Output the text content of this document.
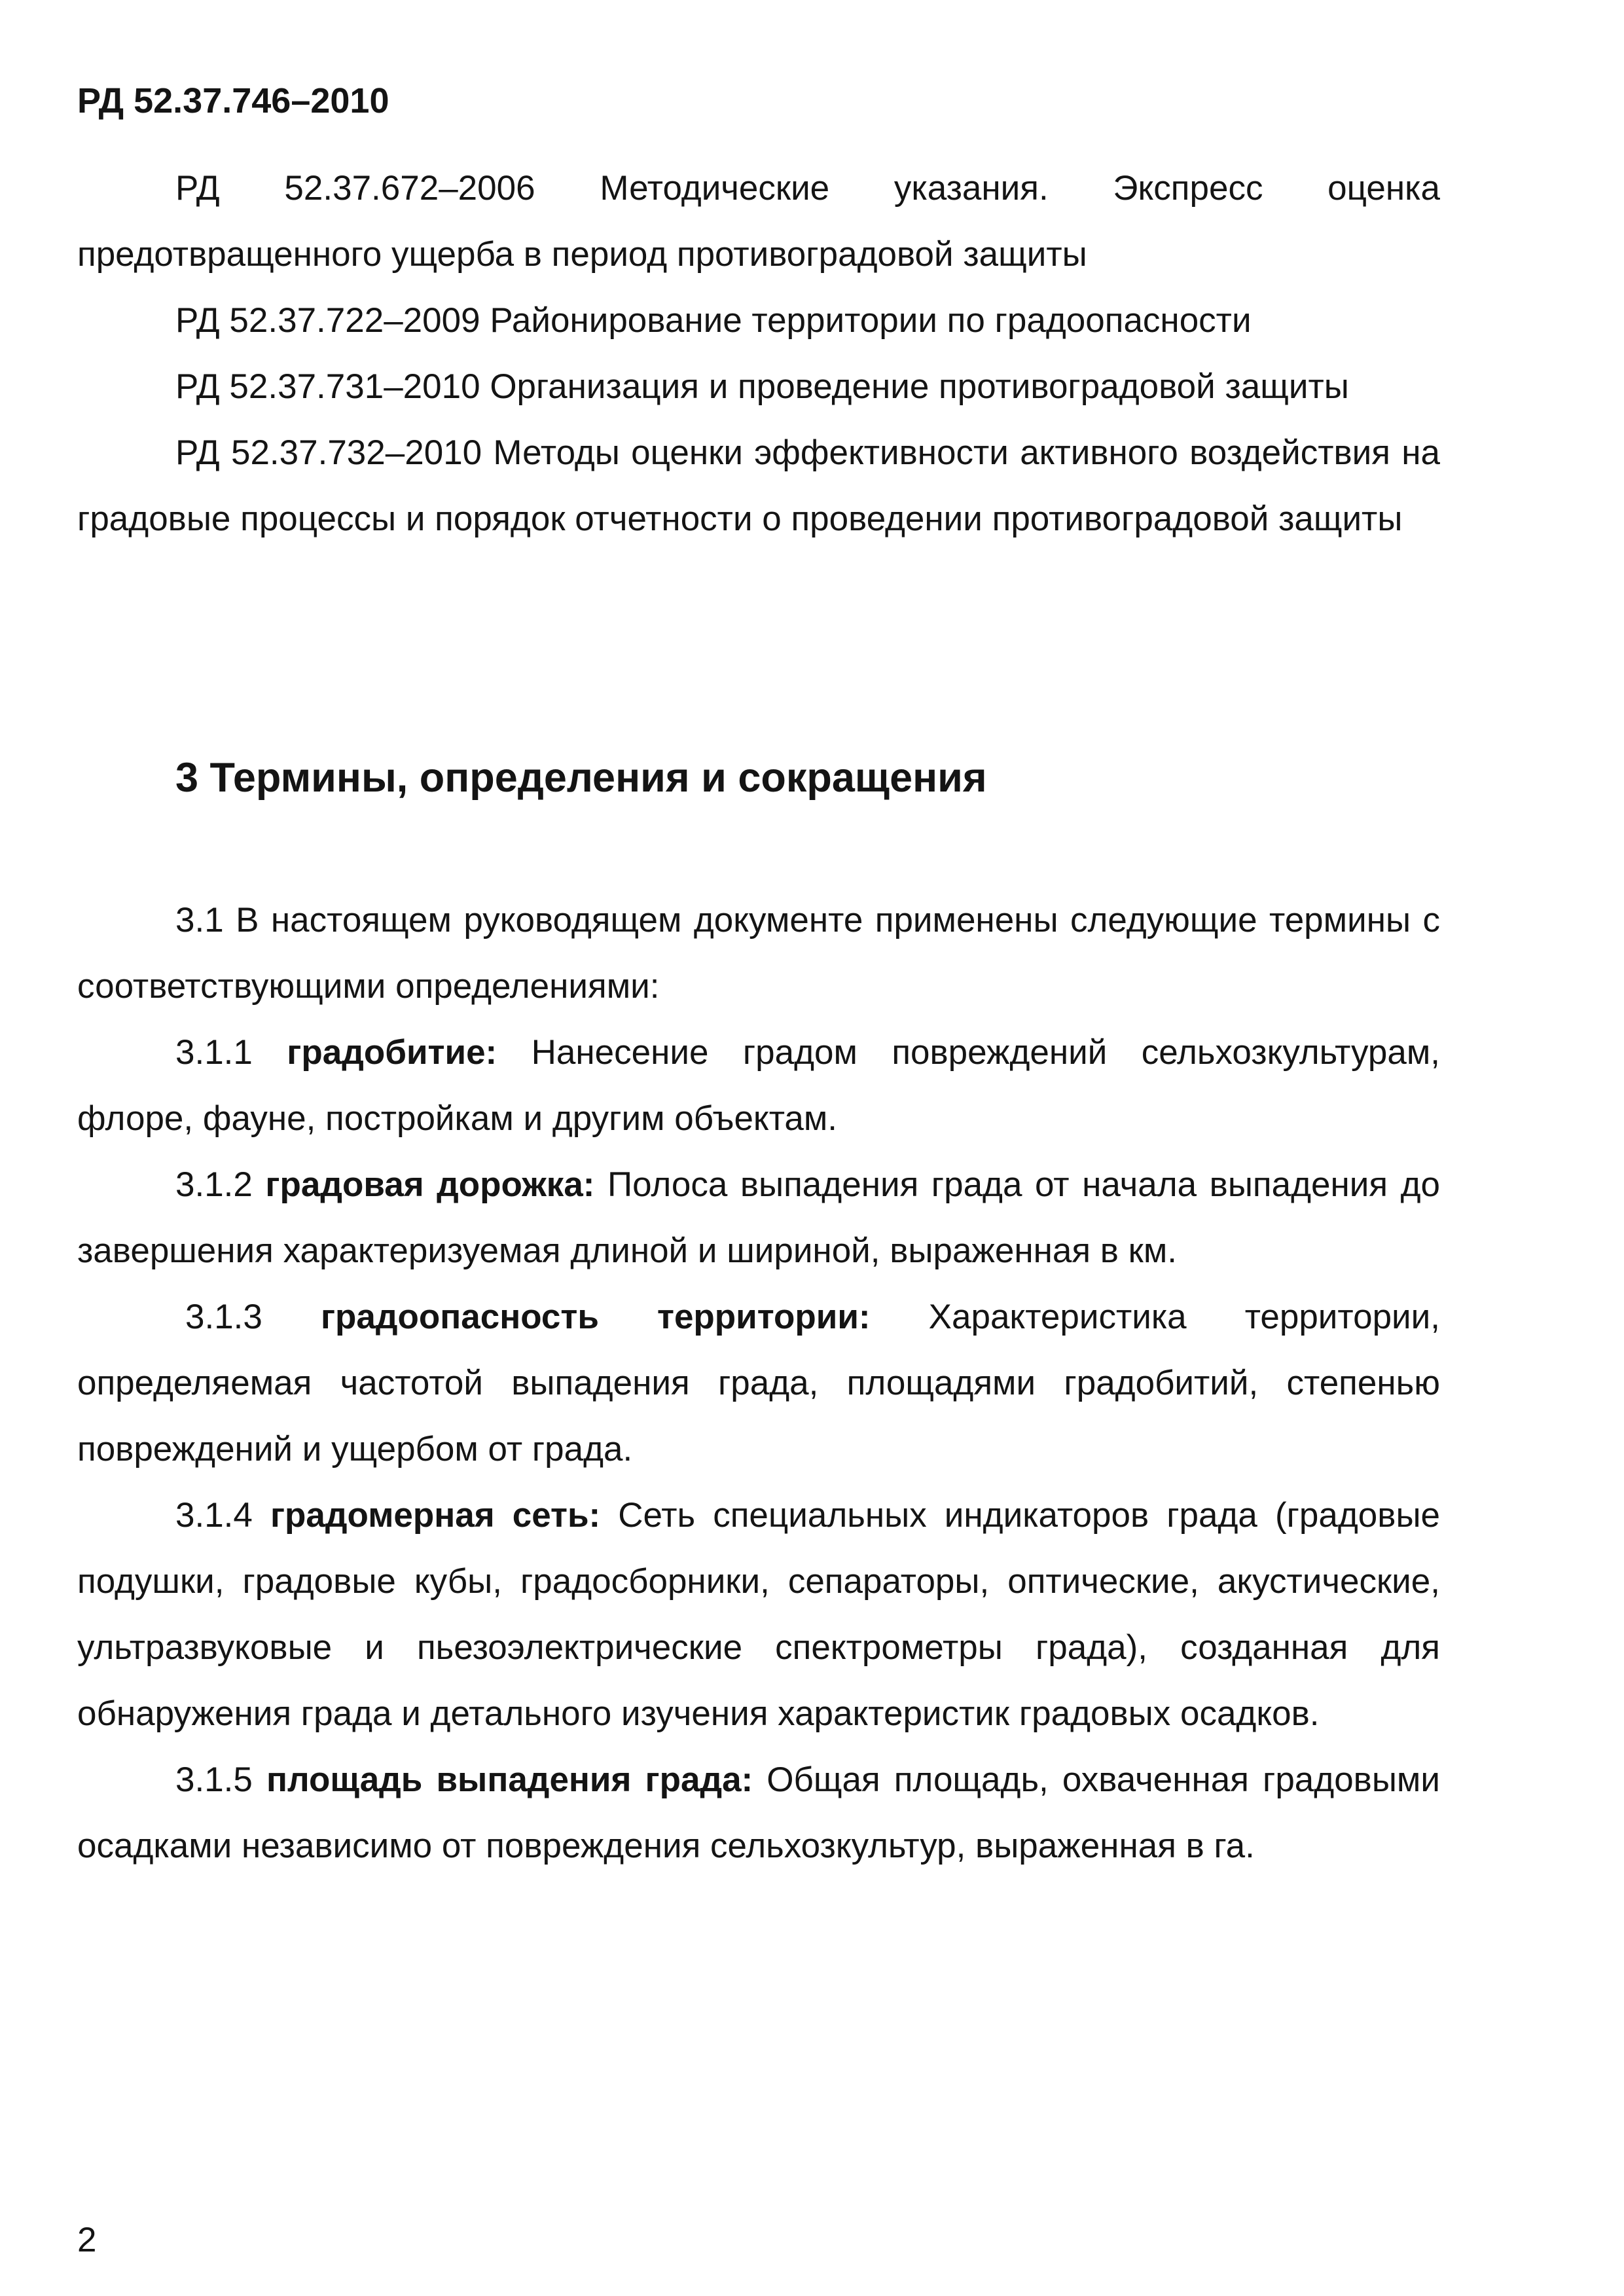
РД 52.37.746–2010

РД 52.37.672–2006 Методические указания. Экспресс оценка предотвращенного ущерба в период противоградовой защиты

РД 52.37.722–2009 Районирование территории по градоопасности

РД 52.37.731–2010 Организация и проведение противоградовой защиты

РД 52.37.732–2010 Методы оценки эффективности активного воздействия на градовые процессы и порядок отчетности о проведении противоградовой защиты

3 Термины, определения и сокращения

3.1 В настоящем руководящем документе применены следующие термины с соответствующими определениями:

3.1.1 градобитие: Нанесение градом повреждений сельхозкультурам, флоре, фауне, постройкам и другим объектам.

3.1.2 градовая дорожка: Полоса выпадения града от начала выпадения до завершения характеризуемая длиной и шириной, выраженная в км.

3.1.3 градоопасность территории: Характеристика территории, определяемая частотой выпадения града, площадями градобитий, степенью повреждений и ущербом от града.

3.1.4 градомерная сеть: Сеть специальных индикаторов града (градовые подушки, градовые кубы, градосборники, сепараторы, оптические, акустические, ультразвуковые и пьезоэлектрические спектрометры града), созданная для обнаружения града и детального изучения характеристик градовых осадков.

3.1.5 площадь выпадения града: Общая площадь, охваченная градовыми осадками независимо от повреждения сельхозкультур, выраженная в га.

2
